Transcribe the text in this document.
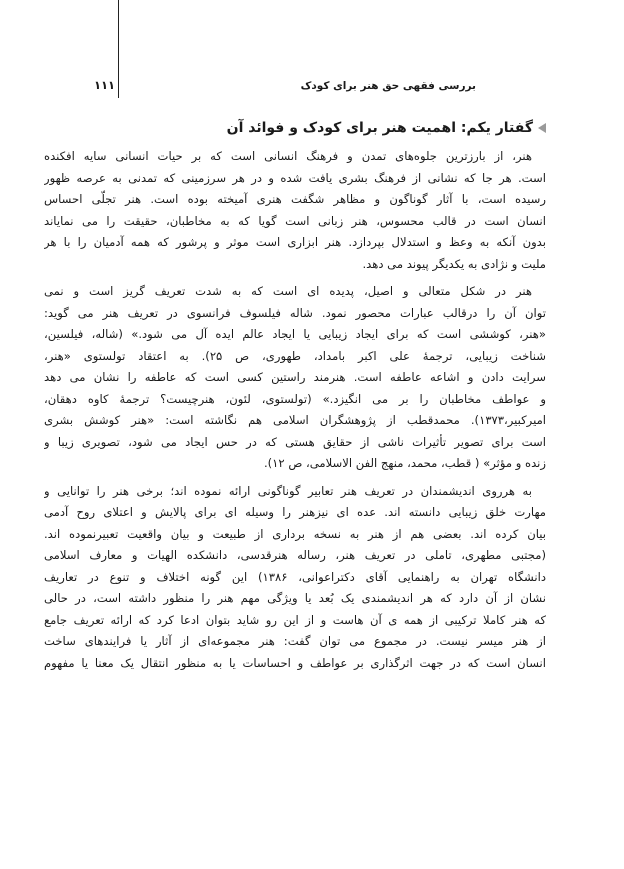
بررسی فقهی حق هنر برای کودک
۱۱۱
گفتار یکم: اهمیت هنر برای کودک و فوائد آن
هنر، از بارزترین جلوه‌های تمدن و فرهنگ انسانی است که بر حیات انسانی سایه افکنده
است. هر جا که نشانی از فرهنگ بشری یافت شده و در هر سرزمینی که تمدنی به عرصه ظهور
رسیده است، با آثار گوناگون و مظاهر شگفت هنری آمیخته بوده است. هنر تجلّی احساس
انسان است در قالب محسوس، هنر زبانی است گویا که به مخاطبان، حقیقت را می نمایاند
بدون آنکه به وعظ و استدلال بپردازد. هنر ابزاری است موثر و پرشور که همه آدمیان را با هر
ملیت و نژادی به یکدیگر پیوند می دهد.
هنر در شکل متعالی و اصیل، پدیده ای است که به شدت تعریف گریز است و نمی
توان آن را درقالب عبارات محصور نمود. شاله فیلسوف فرانسوی در تعریف هنر می گوید:
«هنر، کوششی است که برای ایجاد زیبایی یا ایجاد عالم ایده آل می شود.» (شاله، فیلسین،
شناخت زیبایی، ترجمهٔ علی اکبر بامداد، طهوری، ص ۲۵). به اعتقاد تولستوی «هنر،
سرایت دادن و اشاعه عاطفه است. هنرمند راستین کسی است که عاطفه را نشان می دهد
و عواطف مخاطبان را بر می انگیزد.» (تولستوی، لئون، هنرچیست؟ ترجمهٔ کاوه دهقان،
امیرکبیر،۱۳۷۳). محمدقطب از پژوهشگران اسلامی هم نگاشته است: «هنر کوشش بشری
است برای تصویر تأثیرات ناشی از حقایق هستی که در حس ایجاد می شود، تصویری زیبا و
زنده و مؤثر» ( قطب، محمد، منهج الفن الاسلامی، ص ۱۲).
به هرروی اندیشمندان در تعریف هنر تعابیر گوناگونی ارائه نموده اند؛ برخی هنر را توانایی و
مهارت خلق زیبایی دانسته اند. عده ای نیزهنر را وسیله ای برای پالایش و اعتلای روح آدمی
بیان کرده اند. بعضی هم از هنر به نسخه برداری از طبیعت و بیان واقعیت تعبیرنموده اند.
(مجتبی مطهری، تاملی در تعریف هنر، رساله هنرقدسی، دانشکده الهیات و معارف اسلامی
دانشگاه تهران به راهنمایی آقای دکتراعوانی، ۱۳۸۶) این گونه اختلاف و تنوع در تعاریف
نشان از آن دارد که هر اندیشمندی یک بُعد یا ویژگی مهم هنر را منظور داشته است، در حالی
که هنر کاملا ترکیبی از همه ی آن هاست و از این رو شاید بتوان ادعا کرد که ارائه تعریف جامع
از هنر میسر نیست. در مجموع می توان گفت: هنر مجموعه‌ای از آثار یا فرایندهای ساخت
انسان است که در جهت اثرگذاری بر عواطف و احساسات یا به منظور انتقال یک معنا یا مفهوم
